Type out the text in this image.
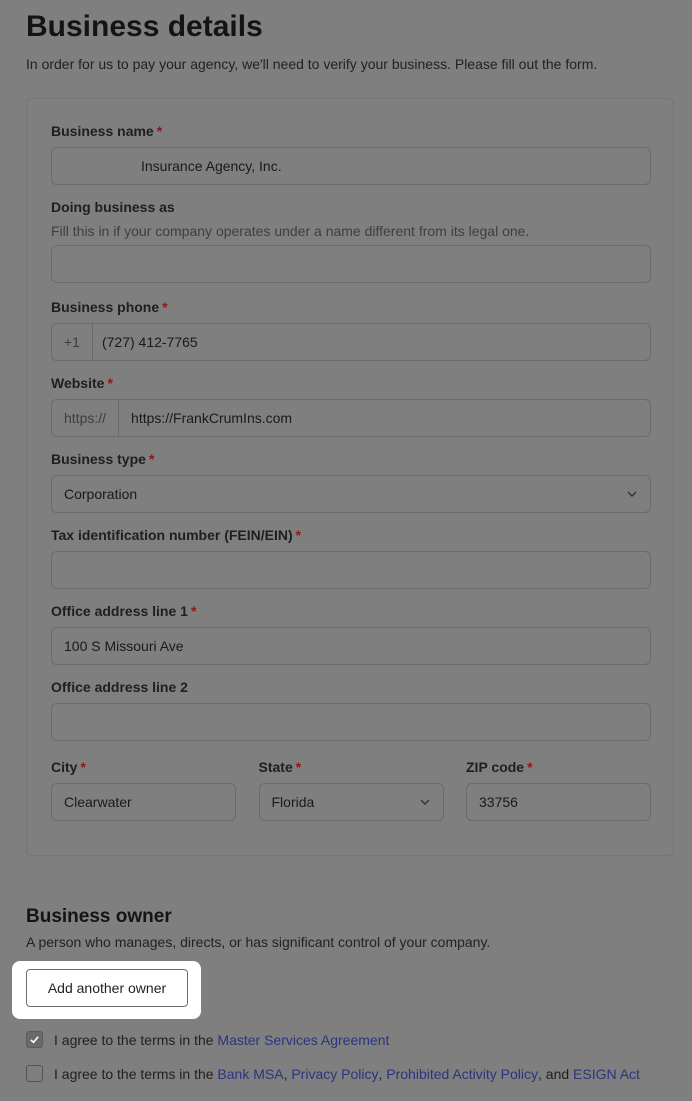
Business details

In order for us to pay your agency, we'll need to verify your business. Please fill out the form.

Business name *
Insurance Agency, Inc.
Doing business as
Fill this in if your company operates under a name different from its legal one.
Business phone *
+1	(727) 412-7765
Website *
https://	https://FrankCrumIns.com
Business type *
Corporation
Tax identification number (FEIN/EIN) *
Office address line 1 *
100 S Missouri Ave
Office address line 2
City *
Clearwater
State *
Florida
ZIP code *
33756
Business owner

A person who manages, directs, or has significant control of your company.

Add another owner
I agree to the terms in the Master Services Agreement
I agree to the terms in the Bank MSA , Privacy Policy , Prohibited Activity Policy , and ESIGN Act
